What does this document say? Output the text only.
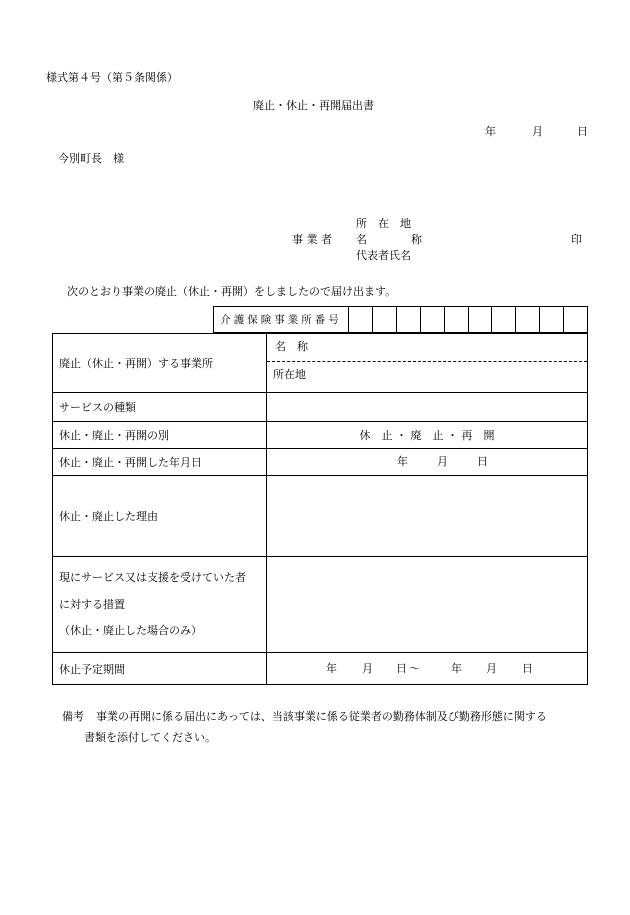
様式第４号（第５条関係）
廃止・休止・再開届出書
年	月	日
今別町長　様
所　在　地
事 業 者 名　　　　称	印
代表者氏名
次のとおり事業の廃止（休止・再開）をしましたので届け出ます。
介護保険事業所番号
廃止（休止・再開）する事業所
名　称
所在地
サービスの種類
休止・廃止・再開の別	休　止 ・ 廃　止 ・ 再　開
休止・廃止・再開した年月日	年	月	日
休止・廃止した理由
現にサービス又は支援を受けていた者
に対する措置
（休止・廃止した場合のみ）
休止予定期間	年 月 日 ～	年 月 日
備考 事業の再開に係る届出にあっては、当該事業に係る従業者の勤務体制及び勤務形態に関する
書類を添付してください。
